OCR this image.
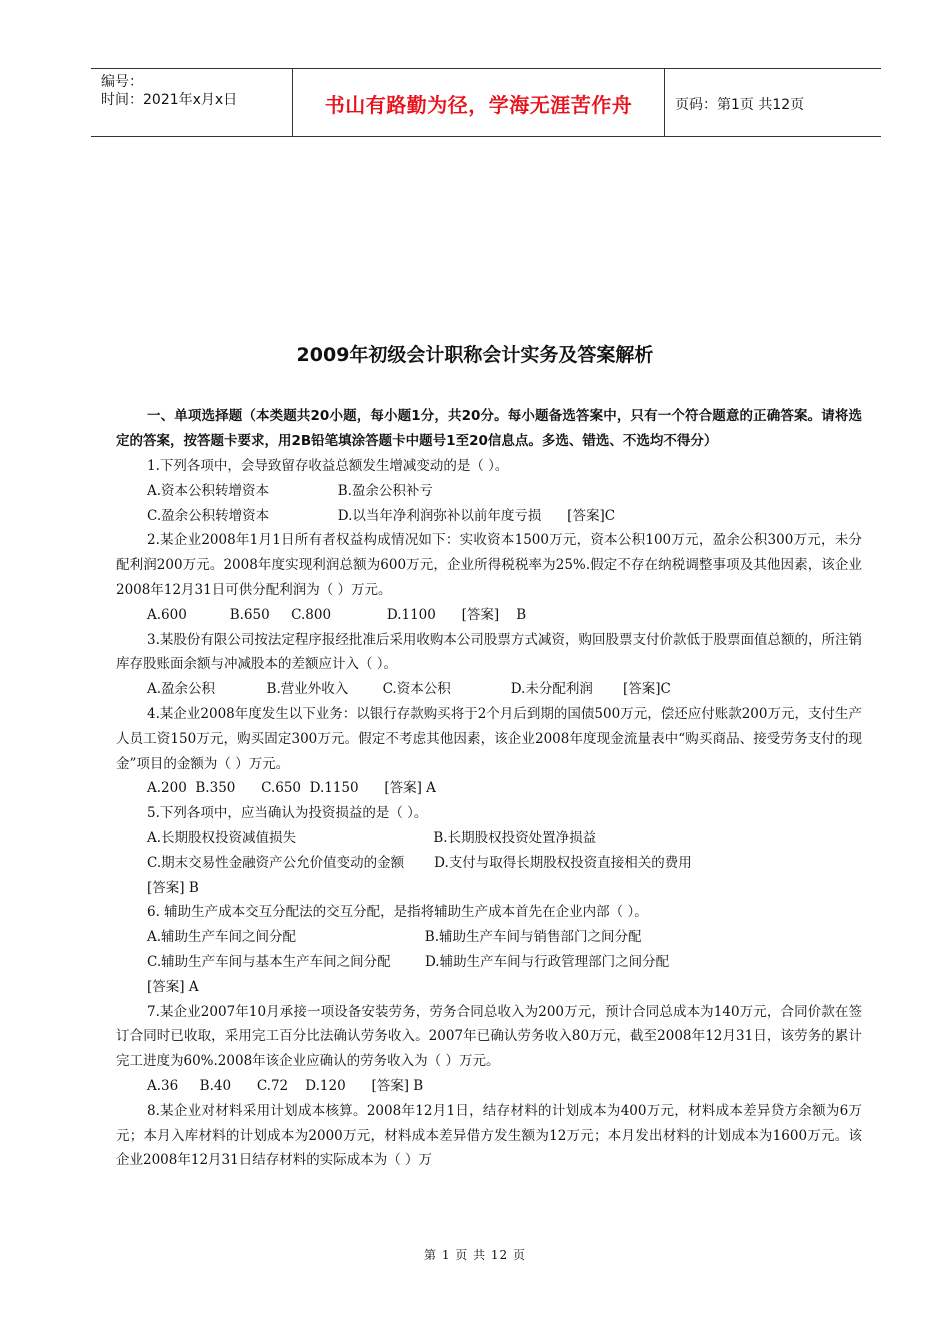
编号：
时间：2021年x月x日	书山有路勤为径，学海无涯苦作舟	页码：第1页 共12页
2009年初级会计职称会计实务及答案解析
一、单项选择题（本类题共20小题，每小题1分，共20分。每小题备选答案中，只有一个符合题意的正确答案。请将选定的答案，按答题卡要求，用2B铅笔填涂答题卡中题号1至20信息点。多选、错选、不选均不得分）
1.下列各项中，会导致留存收益总额发生增减变动的是（ ）。
A.资本公积转增资本                B.盈余公积补亏
C.盈余公积转增资本                D.以当年净利润弥补以前年度亏损      [答案]C
2.某企业2008年1月1日所有者权益构成情况如下：实收资本1500万元，资本公积100万元，盈余公积300万元，未分配利润200万元。2008年度实现利润总额为600万元，企业所得税税率为25%.假定不存在纳税调整事项及其他因素，该企业2008年12月31日可供分配利润为（ ）万元。
A.600          B.650     C.800             D.1100      [答案]    B
3.某股份有限公司按法定程序报经批准后采用收购本公司股票方式减资，购回股票支付价款低于股票面值总额的，所注销库存股账面余额与冲减股本的差额应计入（ ）。
A.盈余公积            B.营业外收入        C.资本公积              D.未分配利润       [答案]C
4.某企业2008年度发生以下业务：以银行存款购买将于2个月后到期的国债500万元，偿还应付账款200万元，支付生产人员工资150万元，购买固定300万元。假定不考虑其他因素，该企业2008年度现金流量表中“购买商品、接受劳务支付的现金”项目的金额为（ ）万元。
A.200  B.350      C.650  D.1150      [答案] A
5.下列各项中，应当确认为投资损益的是（ ）。
A.长期股权投资减值损失                                B.长期股权投资处置净损益
C.期末交易性金融资产公允价值变动的金额       D.支付与取得长期股权投资直接相关的费用
[答案] B
6. 辅助生产成本交互分配法的交互分配，是指将辅助生产成本首先在企业内部（ ）。
A.辅助生产车间之间分配                              B.辅助生产车间与销售部门之间分配
C.辅助生产车间与基本生产车间之间分配        D.辅助生产车间与行政管理部门之间分配
[答案] A
7.某企业2007年10月承接一项设备安装劳务，劳务合同总收入为200万元，预计合同总成本为140万元，合同价款在签订合同时已收取，采用完工百分比法确认劳务收入。2007年已确认劳务收入80万元，截至2008年12月31日，该劳务的累计完工进度为60%.2008年该企业应确认的劳务收入为（ ）万元。
A.36     B.40      C.72    D.120      [答案] B
8.某企业对材料采用计划成本核算。2008年12月1日，结存材料的计划成本为400万元，材料成本差异贷方余额为6万元；本月入库材料的计划成本为2000万元，材料成本差异借方发生额为12万元；本月发出材料的计划成本为1600万元。该企业2008年12月31日结存材料的实际成本为（ ）万
第 1 页 共 12 页
